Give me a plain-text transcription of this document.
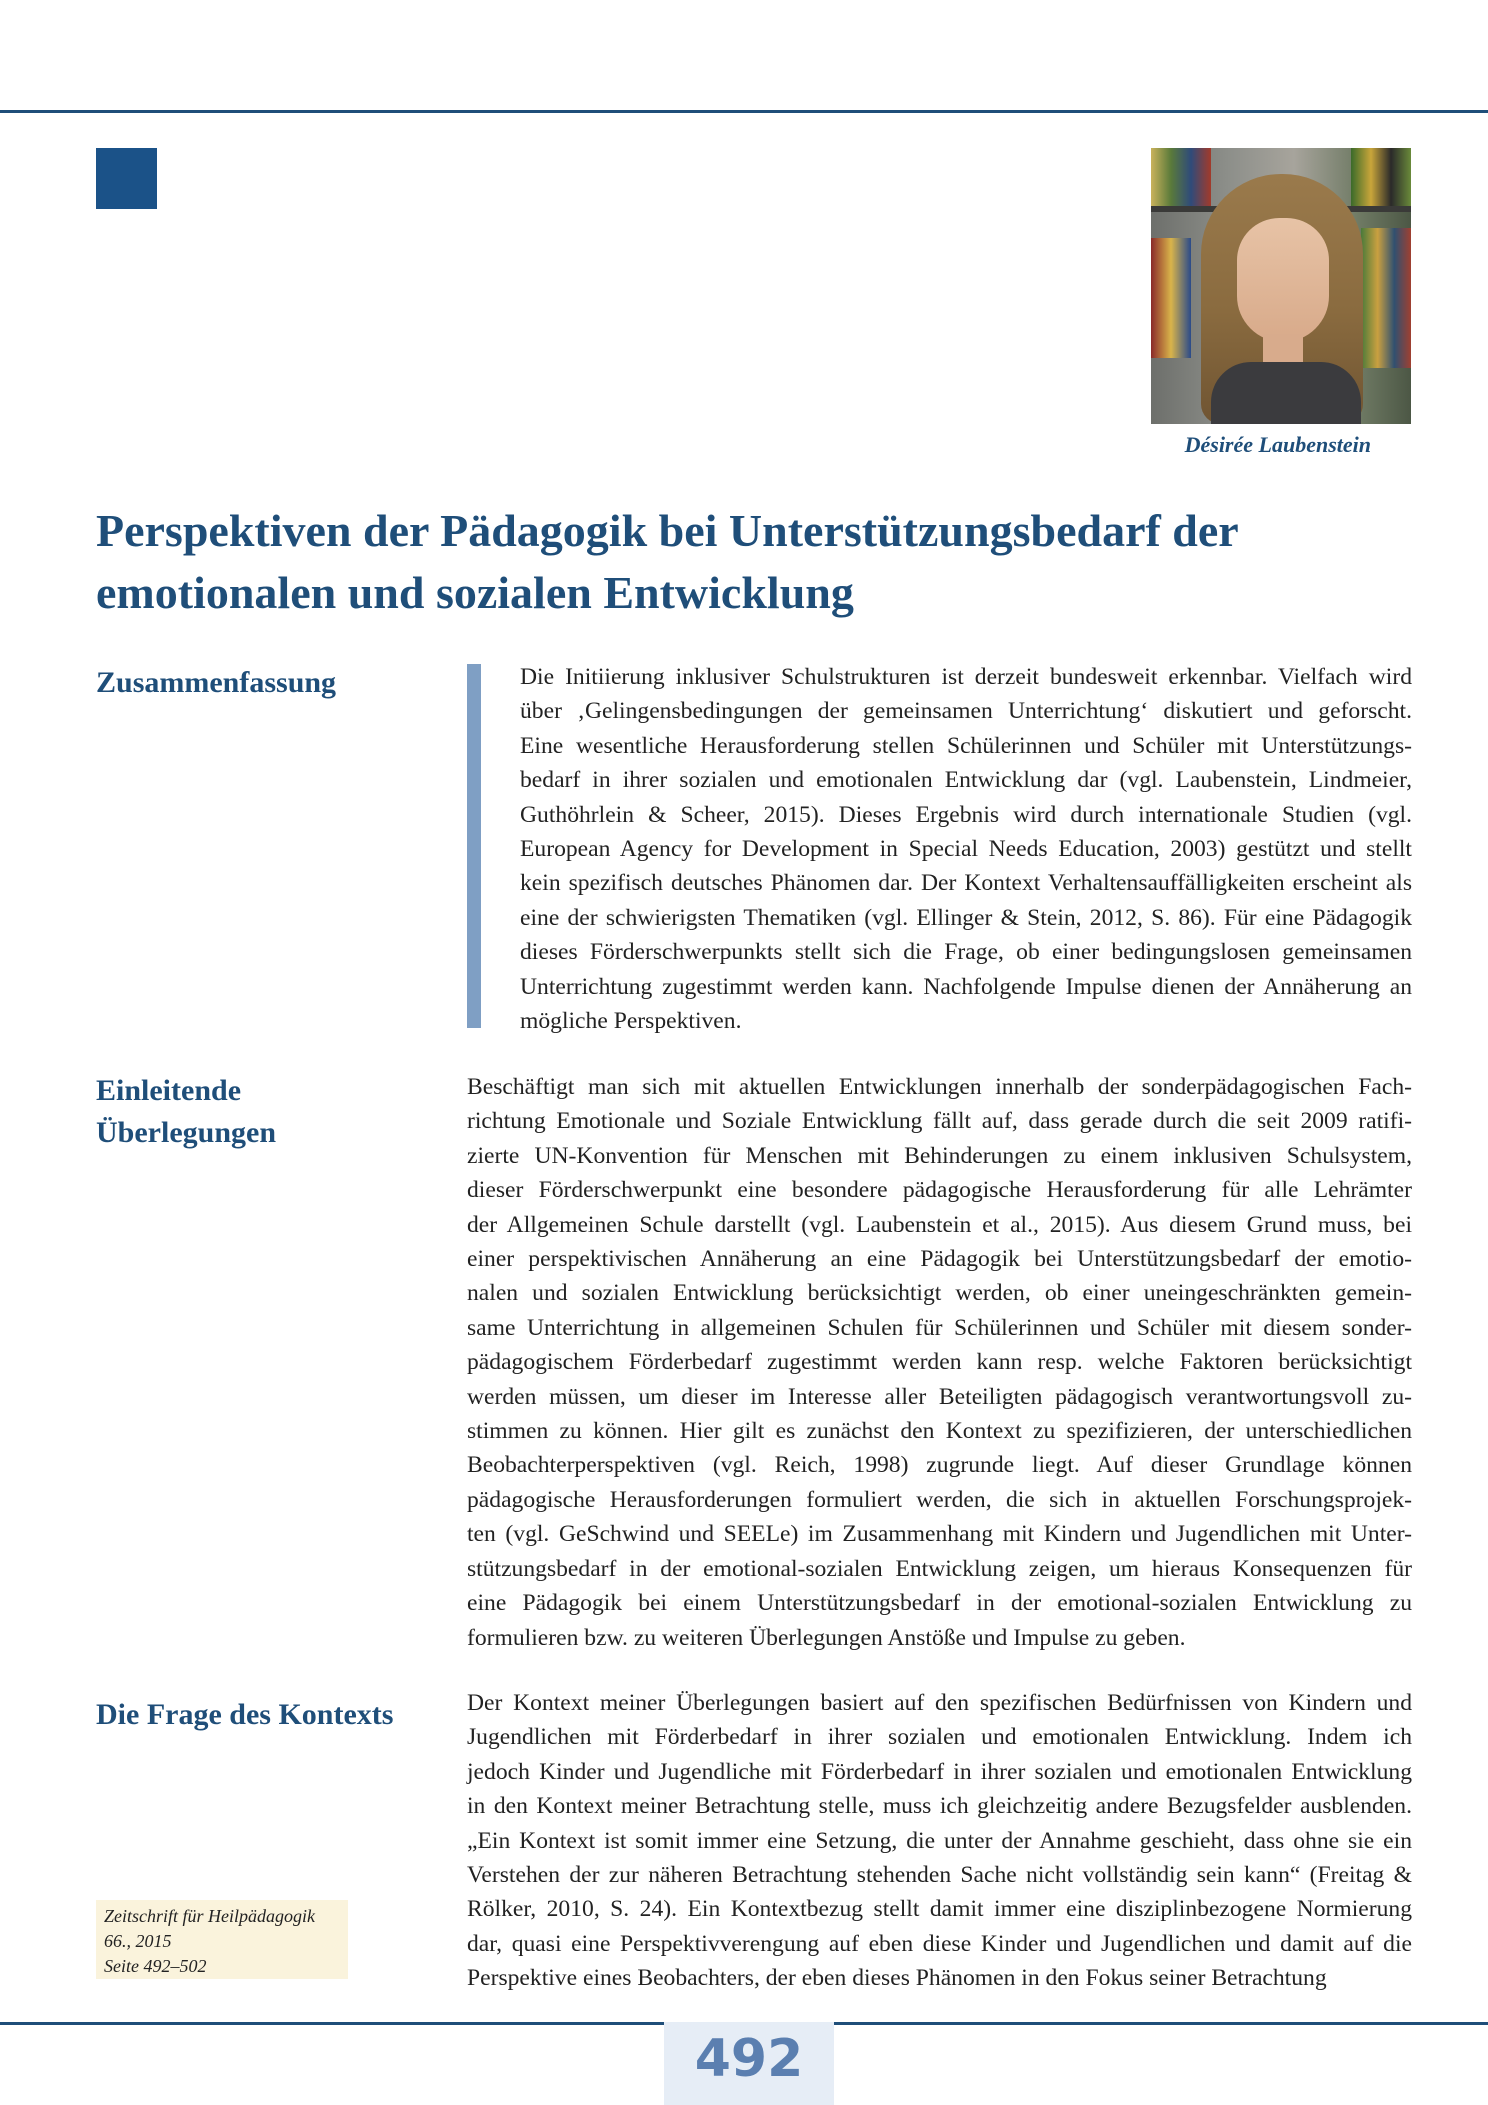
Désirée Laubenstein
Perspektiven der Pädagogik bei Unterstützungsbedarf der
emotionalen und sozialen Entwicklung
Zusammenfassung	Die Initiierung inklusiver Schulstrukturen ist derzeit bundesweit erkennbar. Vielfach wird
über ‚Gelingensbedingungen der gemeinsamen Unterrichtung‘ diskutiert und geforscht.
Eine wesentliche Herausforderung stellen Schülerinnen und Schüler mit Unterstützungs-
bedarf in ihrer sozialen und emotionalen Entwicklung dar (vgl. Laubenstein, Lindmeier,
Guthöhrlein & Scheer, 2015). Dieses Ergebnis wird durch internationale Studien (vgl.
European Agency for Development in Special Needs Education, 2003) gestützt und stellt
kein spezifisch deutsches Phänomen dar. Der Kontext Verhaltensauffälligkeiten erscheint als
eine der schwierigsten Thematiken (vgl. Ellinger & Stein, 2012, S. 86). Für eine Pädagogik
dieses Förderschwerpunkts stellt sich die Frage, ob einer bedingungslosen gemeinsamen
Unterrichtung zugestimmt werden kann. Nachfolgende Impulse dienen der Annäherung an
mögliche Perspektiven.

Einleitende
Überlegungen

Beschäftigt man sich mit aktuellen Entwicklungen innerhalb der sonderpädagogischen Fach-
richtung Emotionale und Soziale Entwicklung fällt auf, dass gerade durch die seit 2009 ratifi-
zierte UN-Konvention für Menschen mit Behinderungen zu einem inklusiven Schulsystem,
dieser Förderschwerpunkt eine besondere pädagogische Herausforderung für alle Lehrämter
der Allgemeinen Schule darstellt (vgl. Laubenstein et al., 2015). Aus diesem Grund muss, bei
einer perspektivischen Annäherung an eine Pädagogik bei Unterstützungsbedarf der emotio-
nalen und sozialen Entwicklung berücksichtigt werden, ob einer uneingeschränkten gemein-
same Unterrichtung in allgemeinen Schulen für Schülerinnen und Schüler mit diesem sonder-
pädagogischem Förderbedarf zugestimmt werden kann resp. welche Faktoren berücksichtigt
werden müssen, um dieser im Interesse aller Beteiligten pädagogisch verantwortungsvoll zu-
stimmen zu können. Hier gilt es zunächst den Kontext zu spezifizieren, der unterschiedlichen
Beobachterperspektiven (vgl. Reich, 1998) zugrunde liegt. Auf dieser Grundlage können
pädagogische Herausforderungen formuliert werden, die sich in aktuellen Forschungsprojek-
ten (vgl. GeSchwind und SEELe) im Zusammenhang mit Kindern und Jugendlichen mit Unter-
stützungsbedarf in der emotional-sozialen Entwicklung zeigen, um hieraus Konsequenzen für
eine Pädagogik bei einem Unterstützungsbedarf in der emotional-sozialen Entwicklung zu
formulieren bzw. zu weiteren Überlegungen Anstöße und Impulse zu geben.

Die Frage des Kontexts	Der Kontext meiner Überlegungen basiert auf den spezifischen Bedürfnissen von Kindern und
Jugendlichen mit Förderbedarf in ihrer sozialen und emotionalen Entwicklung. Indem ich
jedoch Kinder und Jugendliche mit Förderbedarf in ihrer sozialen und emotionalen Entwicklung
in den Kontext meiner Betrachtung stelle, muss ich gleichzeitig andere Bezugsfelder ausblenden.
„Ein Kontext ist somit immer eine Setzung, die unter der Annahme geschieht, dass ohne sie ein
Verstehen der zur näheren Betrachtung stehenden Sache nicht vollständig sein kann“ (Freitag &
Rölker, 2010, S. 24). Ein Kontextbezug stellt damit immer eine disziplinbezogene Normierung
dar, quasi eine Perspektivverengung auf eben diese Kinder und Jugendlichen und damit auf die
Perspektive eines Beobachters, der eben dieses Phänomen in den Fokus seiner Betrachtung

Zeitschrift für Heilpädagogik
66., 2015
Seite 492–502
492
